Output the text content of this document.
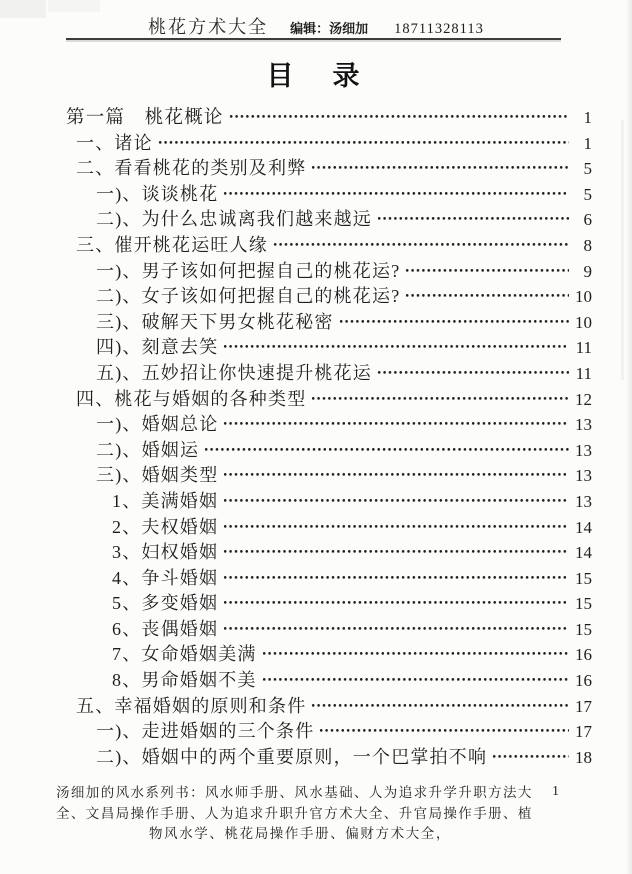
桃花方术大全 编辑：汤细加 18711328113
目　录
第一篇　桃花概论	1
一、诸论	1
二、看看桃花的类别及利弊	5
一)、谈谈桃花	5
二)、为什么忠诚离我们越来越远	6
三、催开桃花运旺人缘	8
一)、男子该如何把握自己的桃花运?	9
二)、女子该如何把握自己的桃花运?	10
三)、破解天下男女桃花秘密	10
四)、刻意去笑	11
五)、五妙招让你快速提升桃花运	11
四、桃花与婚姻的各种类型	12
一)、婚姻总论	13
二)、婚姻运	13
三)、婚姻类型	13
1、美满婚姻	13
2、夫权婚姻	14
3、妇权婚姻	14
4、争斗婚姻	15
5、多变婚姻	15
6、丧偶婚姻	15
7、女命婚姻美满	16
8、男命婚姻不美	16
五、幸福婚姻的原则和条件	17
一)、走进婚姻的三个条件	17
二)、婚姻中的两个重要原则，一个巴掌拍不响	18
汤细加的风水系列书：风水师手册、风水基础、人为追求升学升职方法大
全、文昌局操作手册、人为追求升职升官方术大全、升官局操作手册、植
物风水学、桃花局操作手册、偏财方术大全，
1
